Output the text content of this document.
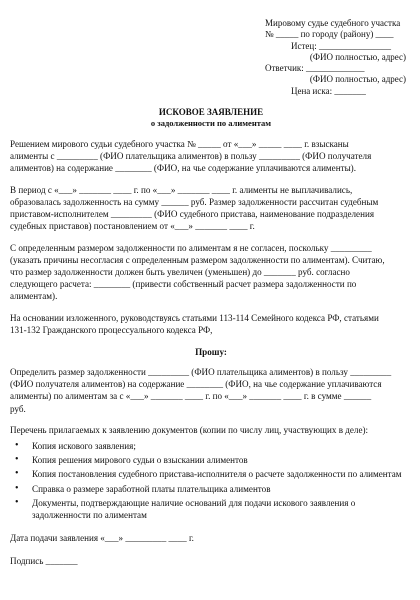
Мировому судье судебного участка
№ _____ по городу (району) ____
Истец: ________________
(ФИО полностью, адрес)
Ответчик: _____________
(ФИО полностью, адрес)
Цена иска: _______
ИСКОВОЕ ЗАЯВЛЕНИЕ
о задолженности по алиментам
Решением мирового судьи судебного участка № _____ от «___» _____ ____ г. взысканы
алименты с _________ (ФИО плательщика алиментов) в пользу _________ (ФИО получателя
алиментов) на содержание ________ (ФИО, на чье содержание уплачиваются алименты).
В период с «___» _______ ____ г. по «___» _______ ____ г. алименты не выплачивались,
образовалась задолженность на сумму ______ руб. Размер задолженности рассчитан судебным
приставом-исполнителем _________ (ФИО судебного пристава, наименование подразделения
судебных приставов) постановлением от «___» _______ ____ г.
С определенным размером задолженности по алиментам я не согласен, поскольку _________
(указать причины несогласия с определенным размером задолженности по алиментам). Считаю,
что размер задолженности должен быть увеличен (уменьшен) до _______ руб. согласно
следующего расчета: ________ (привести собственный расчет размера задолженности по
алиментам).
На основании изложенного, руководствуясь статьями 113-114 Семейного кодекса РФ, статьями
131-132 Гражданского процессуального кодекса РФ,
Прошу:
Определить размер задолженности _________ (ФИО плательщика алиментов) в пользу _________
(ФИО получателя алиментов) на содержание ________ (ФИО, на чье содержание уплачиваются
алименты) по алиментам за с «___» _______ ____ г. по «___» _______ ____ г. в сумме ______
руб.
Перечень прилагаемых к заявлению документов (копии по числу лиц, участвующих в деле):
• Копия искового заявления;
• Копия решения мирового судьи о взыскании алиментов
• Копия постановления судебного пристава-исполнителя о расчете задолженности по алиментам
• Справка о размере заработной платы плательщика алиментов
• Документы, подтверждающие наличие оснований для подачи искового заявления о задолженности по алиментам
Дата подачи заявления «___» _________ ____ г.
Подпись _______
